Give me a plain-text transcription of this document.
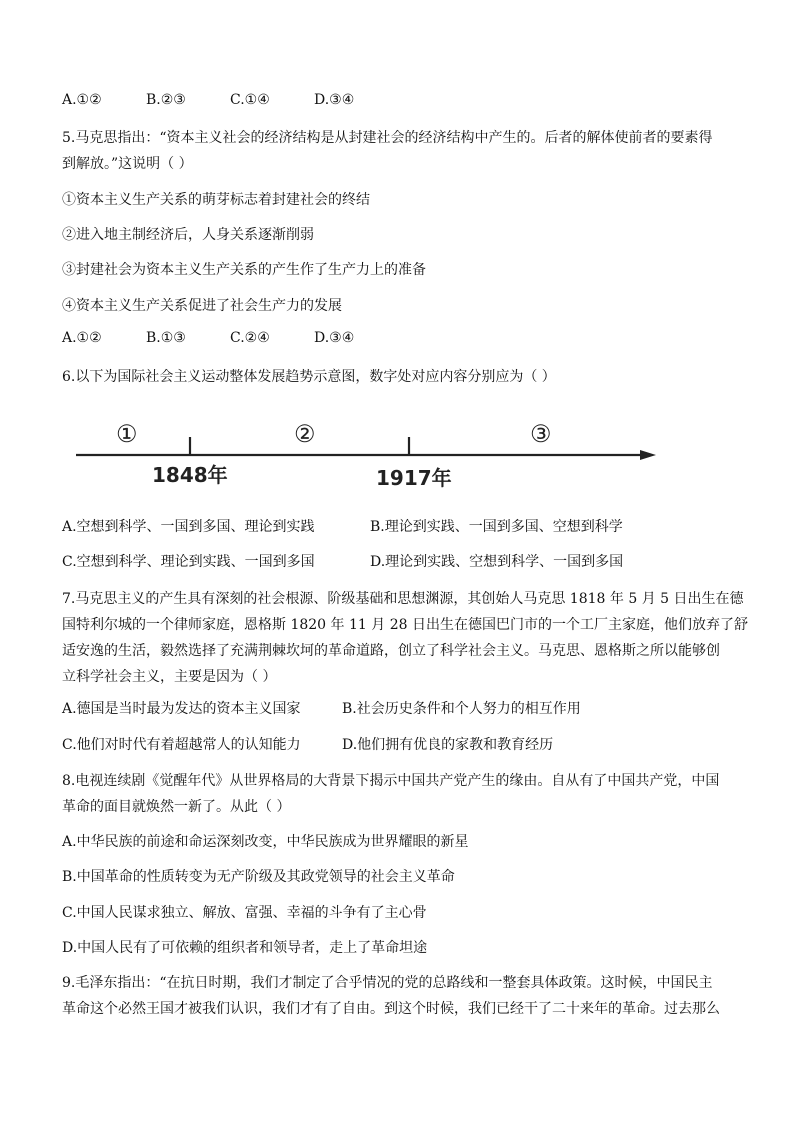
A.①②	B.②③	C.①④	D.③④
5.马克思指出：“资本主义社会的经济结构是从封建社会的经济结构中产生的。后者的解体使前者的要素得
到解放。”这说明（ ）
①资本主义生产关系的萌芽标志着封建社会的终结
②进入地主制经济后，人身关系逐渐削弱
③封建社会为资本主义生产关系的产生作了生产力上的准备
④资本主义生产关系促进了社会生产力的发展
A.①②	B.①③	C.②④	D.③④
6.以下为国际社会主义运动整体发展趋势示意图，数字处对应内容分别应为（ ）
①	②	③
1848年	1917年
A.空想到科学、一国到多国、理论到实践	B.理论到实践、一国到多国、空想到科学
C.空想到科学、理论到实践、一国到多国	D.理论到实践、空想到科学、一国到多国
7.马克思主义的产生具有深刻的社会根源、阶级基础和思想渊源，其创始人马克思 1818 年 5 月 5 日出生在德
国特利尔城的一个律师家庭，恩格斯 1820 年 11 月 28 日出生在德国巴门市的一个工厂主家庭，他们放弃了舒
适安逸的生活，毅然选择了充满荆棘坎坷的革命道路，创立了科学社会主义。马克思、恩格斯之所以能够创
立科学社会主义，主要是因为（ ）
A.德国是当时最为发达的资本主义国家	B.社会历史条件和个人努力的相互作用
C.他们对时代有着超越常人的认知能力	D.他们拥有优良的家教和教育经历
8.电视连续剧《觉醒年代》从世界格局的大背景下揭示中国共产党产生的缘由。自从有了中国共产党，中国
革命的面目就焕然一新了。从此（ ）
A.中华民族的前途和命运深刻改变，中华民族成为世界耀眼的新星
B.中国革命的性质转变为无产阶级及其政党领导的社会主义革命
C.中国人民谋求独立、解放、富强、幸福的斗争有了主心骨
D.中国人民有了可依赖的组织者和领导者，走上了革命坦途
9.毛泽东指出：“在抗日时期，我们才制定了合乎情况的党的总路线和一整套具体政策。这时候，中国民主
革命这个必然王国才被我们认识，我们才有了自由。到这个时候，我们已经干了二十来年的革命。过去那么
